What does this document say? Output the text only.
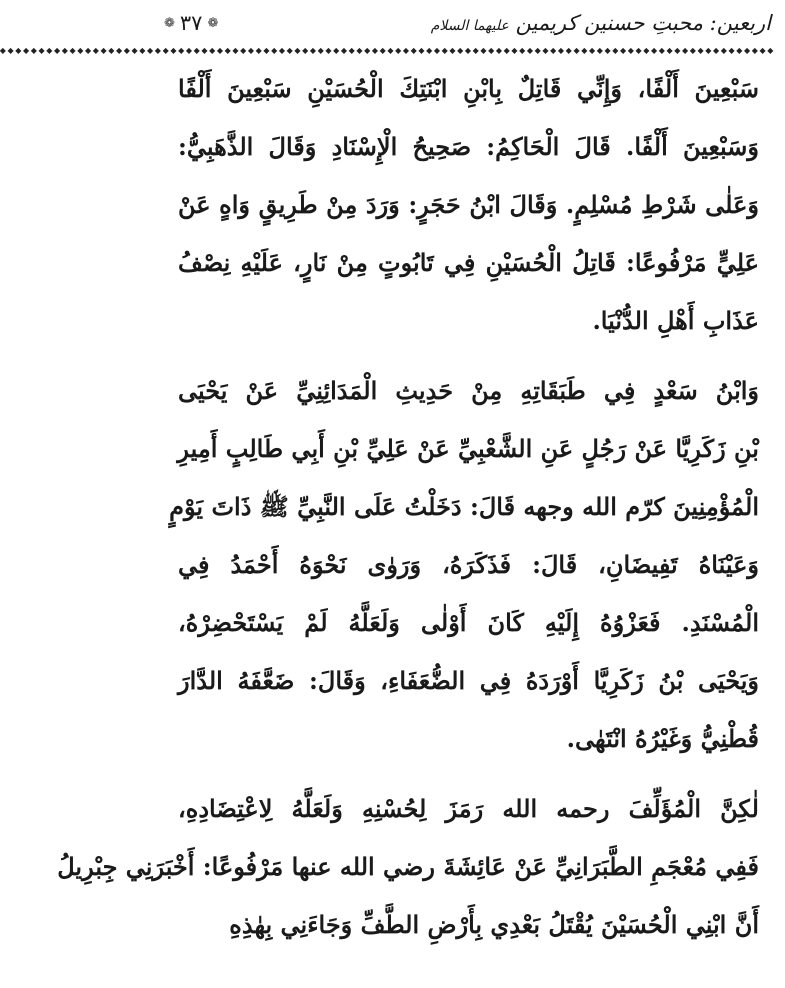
اربعین: محبتِ حسنین کریمین عليهما السلام
❁
٣٧
❁
◆◆◆◆◆◆◆◆◆◆◆◆◆◆◆◆◆◆◆◆◆◆◆◆◆◆◆◆◆◆◆◆◆◆◆◆◆◆◆◆◆◆◆◆◆◆◆◆◆◆◆◆◆◆◆◆◆◆◆◆◆◆◆◆◆◆◆◆◆◆◆◆◆◆◆◆◆◆◆◆◆◆◆◆◆◆◆◆◆◆◆◆◆◆◆◆◆◆◆◆
سَبْعِينَ أَلْفًا، وَإِنِّي قَاتِلٌ بِابْنِ ابْنَتِكَ الْحُسَيْنِ سَبْعِينَ أَلْفًا
وَسَبْعِينَ أَلْفًا. قَالَ الْحَاكِمُ: صَحِيحُ الْإِسْنَادِ وَقَالَ الذَّهَبِيُّ:
وَعَلٰى شَرْطِ مُسْلِمٍ. وَقَالَ ابْنُ حَجَرٍ: وَرَدَ مِنْ طَرِيقٍ وَاهٍ عَنْ
عَلِيٍّ مَرْفُوعًا: قَاتِلُ الْحُسَيْنِ فِي تَابُوتٍ مِنْ نَارٍ، عَلَيْهِ نِصْفُ
عَذَابِ أَهْلِ الدُّنْيَا.
وَابْنُ سَعْدٍ فِي طَبَقَاتِهِ مِنْ حَدِيثِ الْمَدَائِنِيِّ عَنْ يَحْيَى
بْنِ زَكَرِيَّا عَنْ رَجُلٍ عَنِ الشَّعْبِيِّ عَنْ عَلِيِّ بْنِ أَبِي طَالِبٍ أَمِيرِ
الْمُؤْمِنِينَ كرّم الله وجهه قَالَ: دَخَلْتُ عَلَى النَّبِيِّ ﷺ ذَاتَ يَوْمٍ
وَعَيْنَاهُ تَفِيضَانِ، قَالَ: فَذَكَرَهُ، وَرَوٰى نَحْوَهُ أَحْمَدُ فِي
الْمُسْنَدِ. فَعَزْوُهُ إِلَيْهِ كَانَ أَوْلٰى وَلَعَلَّهُ لَمْ يَسْتَحْضِرْهُ،
وَيَحْيَى بْنُ زَكَرِيَّا أَوْرَدَهُ فِي الضُّعَفَاءِ، وَقَالَ: ضَعَّفَهُ الدَّارَ
قُطْنِيُّ وَغَيْرُهُ انْتَهٰى.
لٰكِنَّ الْمُؤَلِّفَ رحمه الله رَمَزَ لِحُسْنِهِ وَلَعَلَّهُ لِاعْتِضَادِهِ،
فَفِي مُعْجَمِ الطَّبَرَانِيِّ عَنْ عَائِشَةَ رضي الله عنها مَرْفُوعًا: أَخْبَرَنِي جِبْرِيلُ
أَنَّ ابْنِي الْحُسَيْنَ يُقْتَلُ بَعْدِي بِأَرْضِ الطَّفِّ وَجَاءَنِي بِهٰذِهِ
